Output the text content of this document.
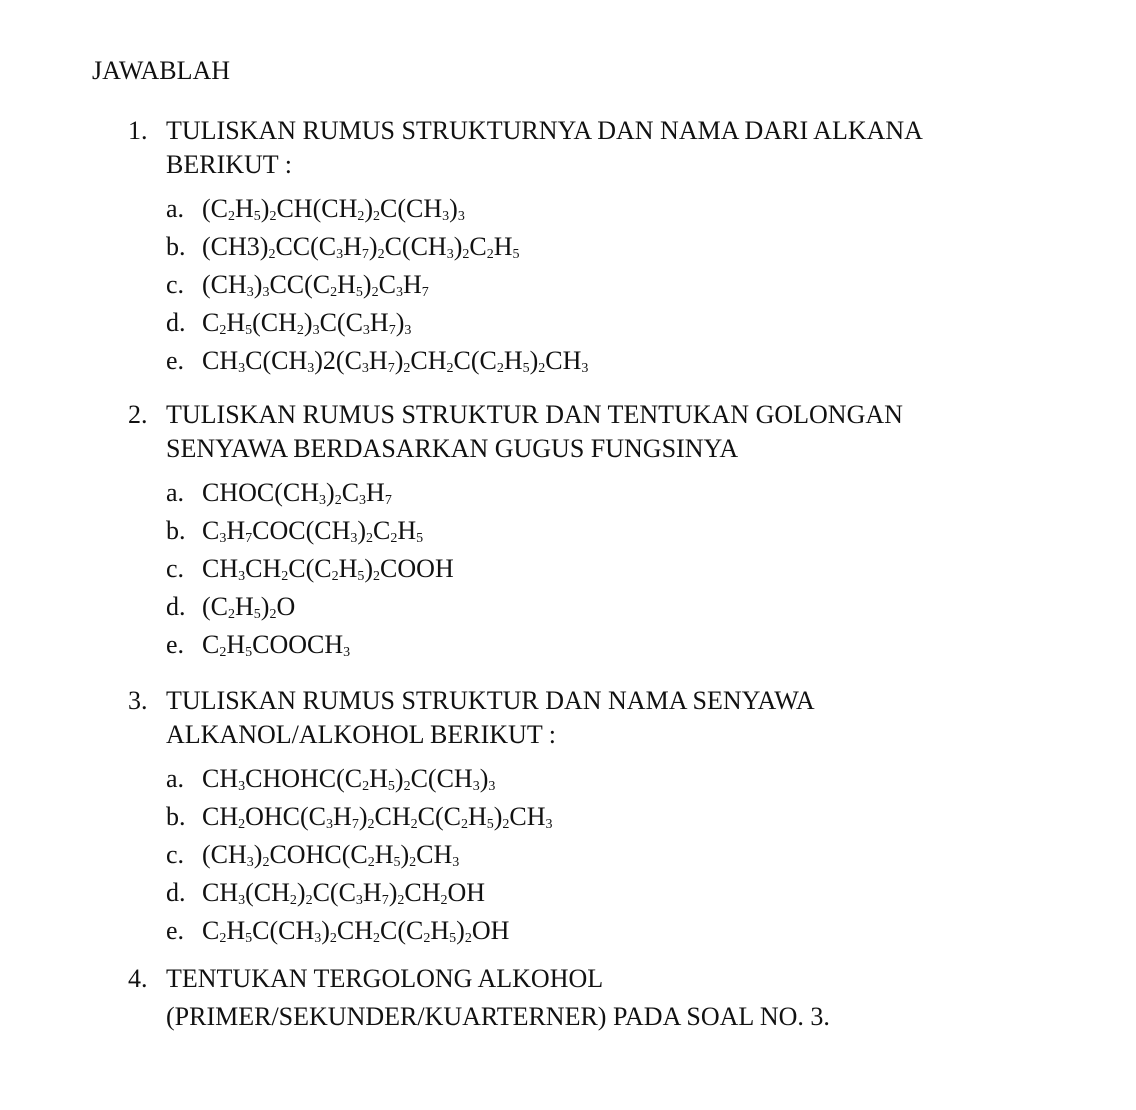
JAWABLAH
1. TULISKAN RUMUS STRUKTURNYA DAN NAMA DARI ALKANA
BERIKUT :
a. $(C_2H_5)_2CH(CH_2)_2C(CH_3)_3$
b. $(CH3)_2CC(C_3H_7)_2C(CH_3)_2C_2H_5$
c. $(CH_3)_3CC(C_2H_5)_2C_3H_7$
d. $C_2H_5(CH_2)_3C(C_3H_7)_3$
e. $CH_3C(CH_3)2(C_3H_7)_2CH_2C(C_2H_5)_2CH_3$
2. TULISKAN RUMUS STRUKTUR DAN TENTUKAN GOLONGAN
SENYAWA BERDASARKAN GUGUS FUNGSINYA
a. $CHOC(CH_3)_2C_3H_7$
b. $C_3H_7COC(CH_3)_2C_2H_5$
c. $CH_3CH_2C(C_2H_5)_2COOH$
d. $(C_2H_5)_2O$
e. $C_2H_5COOCH_3$
3. TULISKAN RUMUS STRUKTUR DAN NAMA SENYAWA
ALKANOL/ALKOHOL BERIKUT :
a. $CH_3CHOHC(C_2H_5)_2C(CH_3)_3$
b. $CH_2OHC(C_3H_7)_2CH_2C(C_2H_5)_2CH_3$
c. $(CH_3)_2COHC(C_2H_5)_2CH_3$
d. $CH_3(CH_2)_2C(C_3H_7)_2CH_2OH$
e. $C_2H_5C(CH_3)_2CH_2C(C_2H_5)_2OH$
4. TENTUKAN TERGOLONG ALKOHOL
(PRIMER/SEKUNDER/KUARTERNER) PADA SOAL NO. 3.
